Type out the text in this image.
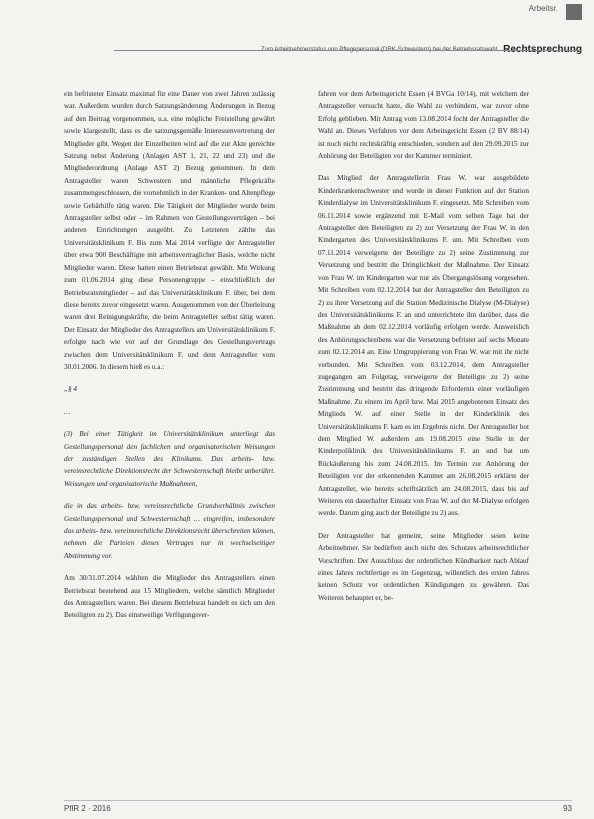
Arbeitsr.
Zum Arbeitnehmerstatus von Pflegepersonal (DRK-Schwestern) bei der Betriebsratswahl Rechtsprechung

ein befristeter Einsatz maximal für eine Dauer von zwei Jahren zulässig war. Außerdem wurden durch Satzungsänderung Änderungen in Bezug auf den Beitrag vorgenommen, u.a. eine mögliche Freistellung gewährt sowie klargestellt, dass es die satzungsgemäße Interessenvertretung der Mitglieder gibt. Wegen der Einzelheiten wird auf die zur Akte gereichte Satzung nebst Änderung (Anlagen AST 1, 21, 22 und 23) und die Mitgliederordnung (Anlage AST 2) Bezug genommen. In dem Antragsteller waren Schwestern und männliche Pflegekräfte zusammengeschlossen, die vornehmlich in der Kranken- und Altenpflege sowie Gebärhilfe tätig waren. Die Tätigkeit der Mitglieder wurde beim Antragsteller selbst oder – im Rahmen von Gestellungsverträgen – bei anderen Einrichtungen ausgeübt. Zu Letzteren zählte das Universitätsklinikum F. Bis zum Mai 2014 verfügte der Antragsteller über etwa 900 Beschäftigte mit arbeitsvertraglicher Basis, welche nicht Mitglieder waren. Diese hatten einen Betriebsrat gewählt. Mit Wirkung zum 01.06.2014 ging diese Personengruppe – einschließlich der Betriebsratsmitglieder – auf das Universitätsklinikum F. über, bei dem diese bereits zuvor eingesetzt waren. Ausgenommen von der Überleitung waren drei Reinigungskräfte, die beim Antragsteller selbst tätig waren. Der Einsatz der Mitglieder des Antragstellers am Universitätsklinikum F. erfolgte nach wie vor auf der Grundlage des Gestellungsvertrags zwischen dem Universitätsklinikum F. und dem Antragsteller vom 30.01.2006. In diesem hieß es u.a.:

„§ 4

…

(3) Bei einer Tätigkeit im Universitätsklinikum unterliegt das Gestellungspersonal den fachlichen und organisatorischen Weisungen der zuständigen Stellen des Klinikums. Das arbeits- bzw. vereinsrechtliche Direktionsrecht der Schwesternschaft bleibt unberührt. Weisungen und organisatorische Maßnahmen,

die in das arbeits- bzw. vereinsrechtliche Grundverhältnis zwischen Gestellungspersonal und Schwesternschaft … eingreifen, insbesondere das arbeits- bzw. vereinsrechtliche Direktionsrecht überschreiten können, nehmen die Parteien dieses Vertrages nur in wechselseitiger Abstimmung vor.

Am 30/31.07.2014 wählten die Mitglieder des Antragstellers einen Betriebsrat bestehend aus 15 Mitgliedern, welche sämtlich Mitglieder des Antragstellers waren. Bei diesem Betriebsrat handelt es sich um den Beteiligten zu 2). Das einstweilige Verfügungsver-

fahren vor dem Arbeitsgericht Essen (4 BVGa 10/14), mit welchem der Antragsteller versucht hatte, die Wahl zu verhindern, war zuvor ohne Erfolg geblieben. Mit Antrag vom 13.08.2014 focht der Antragsteller die Wahl an. Dieses Verfahren vor dem Arbeitsgericht Essen (2 BV 88/14) ist noch nicht rechtskräftig entschieden, sondern auf den 29.09.2015 zur Anhörung der Beteiligten vor der Kammer terminiert.

Das Mitglied der Antragstellerin Frau W. war ausgebildete Kinderkrankenschwester und wurde in dieser Funktion auf der Station Kinderdialyse im Universitätsklinikum F. eingesetzt. Mit Schreiben vom 06.11.2014 sowie ergänzend mit E-Mail vom selben Tage bat der Antragsteller den Beteiligten zu 2) zur Versetzung der Frau W. in den Kindergarten des Universitätsklinikums F. um. Mit Schreiben vom 07.11.2014 verweigerte der Beteiligte zu 2) seine Zustimmung zur Versetzung und bestritt die Dringlichkeit der Maßnahme. Der Einsatz von Frau W. im Kindergarten war nur als Übergangslösung vorgesehen. Mit Schreiben vom 02.12.2014 bat der Antragsteller den Beteiligten zu 2) zu ihrer Versetzung auf die Station Medizinische Dialyse (M-Dialyse) des Universitätsklinikums F. an und unterrichtete ihn darüber, dass die Maßnahme ab dem 02.12.2014 vorläufig erfolgen werde. Ausweislich des Anhörungsschreibens war die Versetzung befristet auf sechs Monate zum 02.12.2014 an. Eine Umgruppierung von Frau W. war mit ihr nicht verbunden. Mit Schreiben vom 03.12.2014, dem Antragsteller zugegangen am Folgetag, verweigerte der Beteiligte zu 2) seine Zustimmung und bestritt das dringende Erfordernis einer vorläufigen Maßnahme. Zu einem im April bzw. Mai 2015 angebotenen Einsatz des Mitglieds W. auf einer Stelle in der Kinderklinik des Universitätsklinikums F. kam es im Ergebnis nicht. Der Antragsteller bot dem Mitglied W. außerdem am 19.08.2015 eine Stelle in der Kinderpoliklinik des Universitätsklinikums F. an und bat um Rückäußerung bis zum 24.08.2015. Im Termin zur Anhörung der Beteiligten vor der erkennenden Kammer am 26.08.2015 erklärte der Antragsteller, wie bereits schriftsätzlich am 24.08.2015, dass bis auf Weiteres ein dauerhafter Einsatz von Frau W. auf der M-Dialyse erfolgen werde. Darum ging auch der Beteiligte zu 2) aus.

Der Antragsteller hat gemeint, seine Mitglieder seien keine Arbeitnehmer. Sie bedürften auch nicht des Schutzes arbeitsrechtlicher Vorschriften. Der Ausschluss der ordentlichen Kündbarkeit nach Ablauf eines Jahres rechtfertige es im Gegenzug, willentlich des ersten Jahres keinen Schutz vor ordentlichen Kündigungen zu gewähren. Das Weiteren behauptet er, be-

PflR 2 · 2016	93
